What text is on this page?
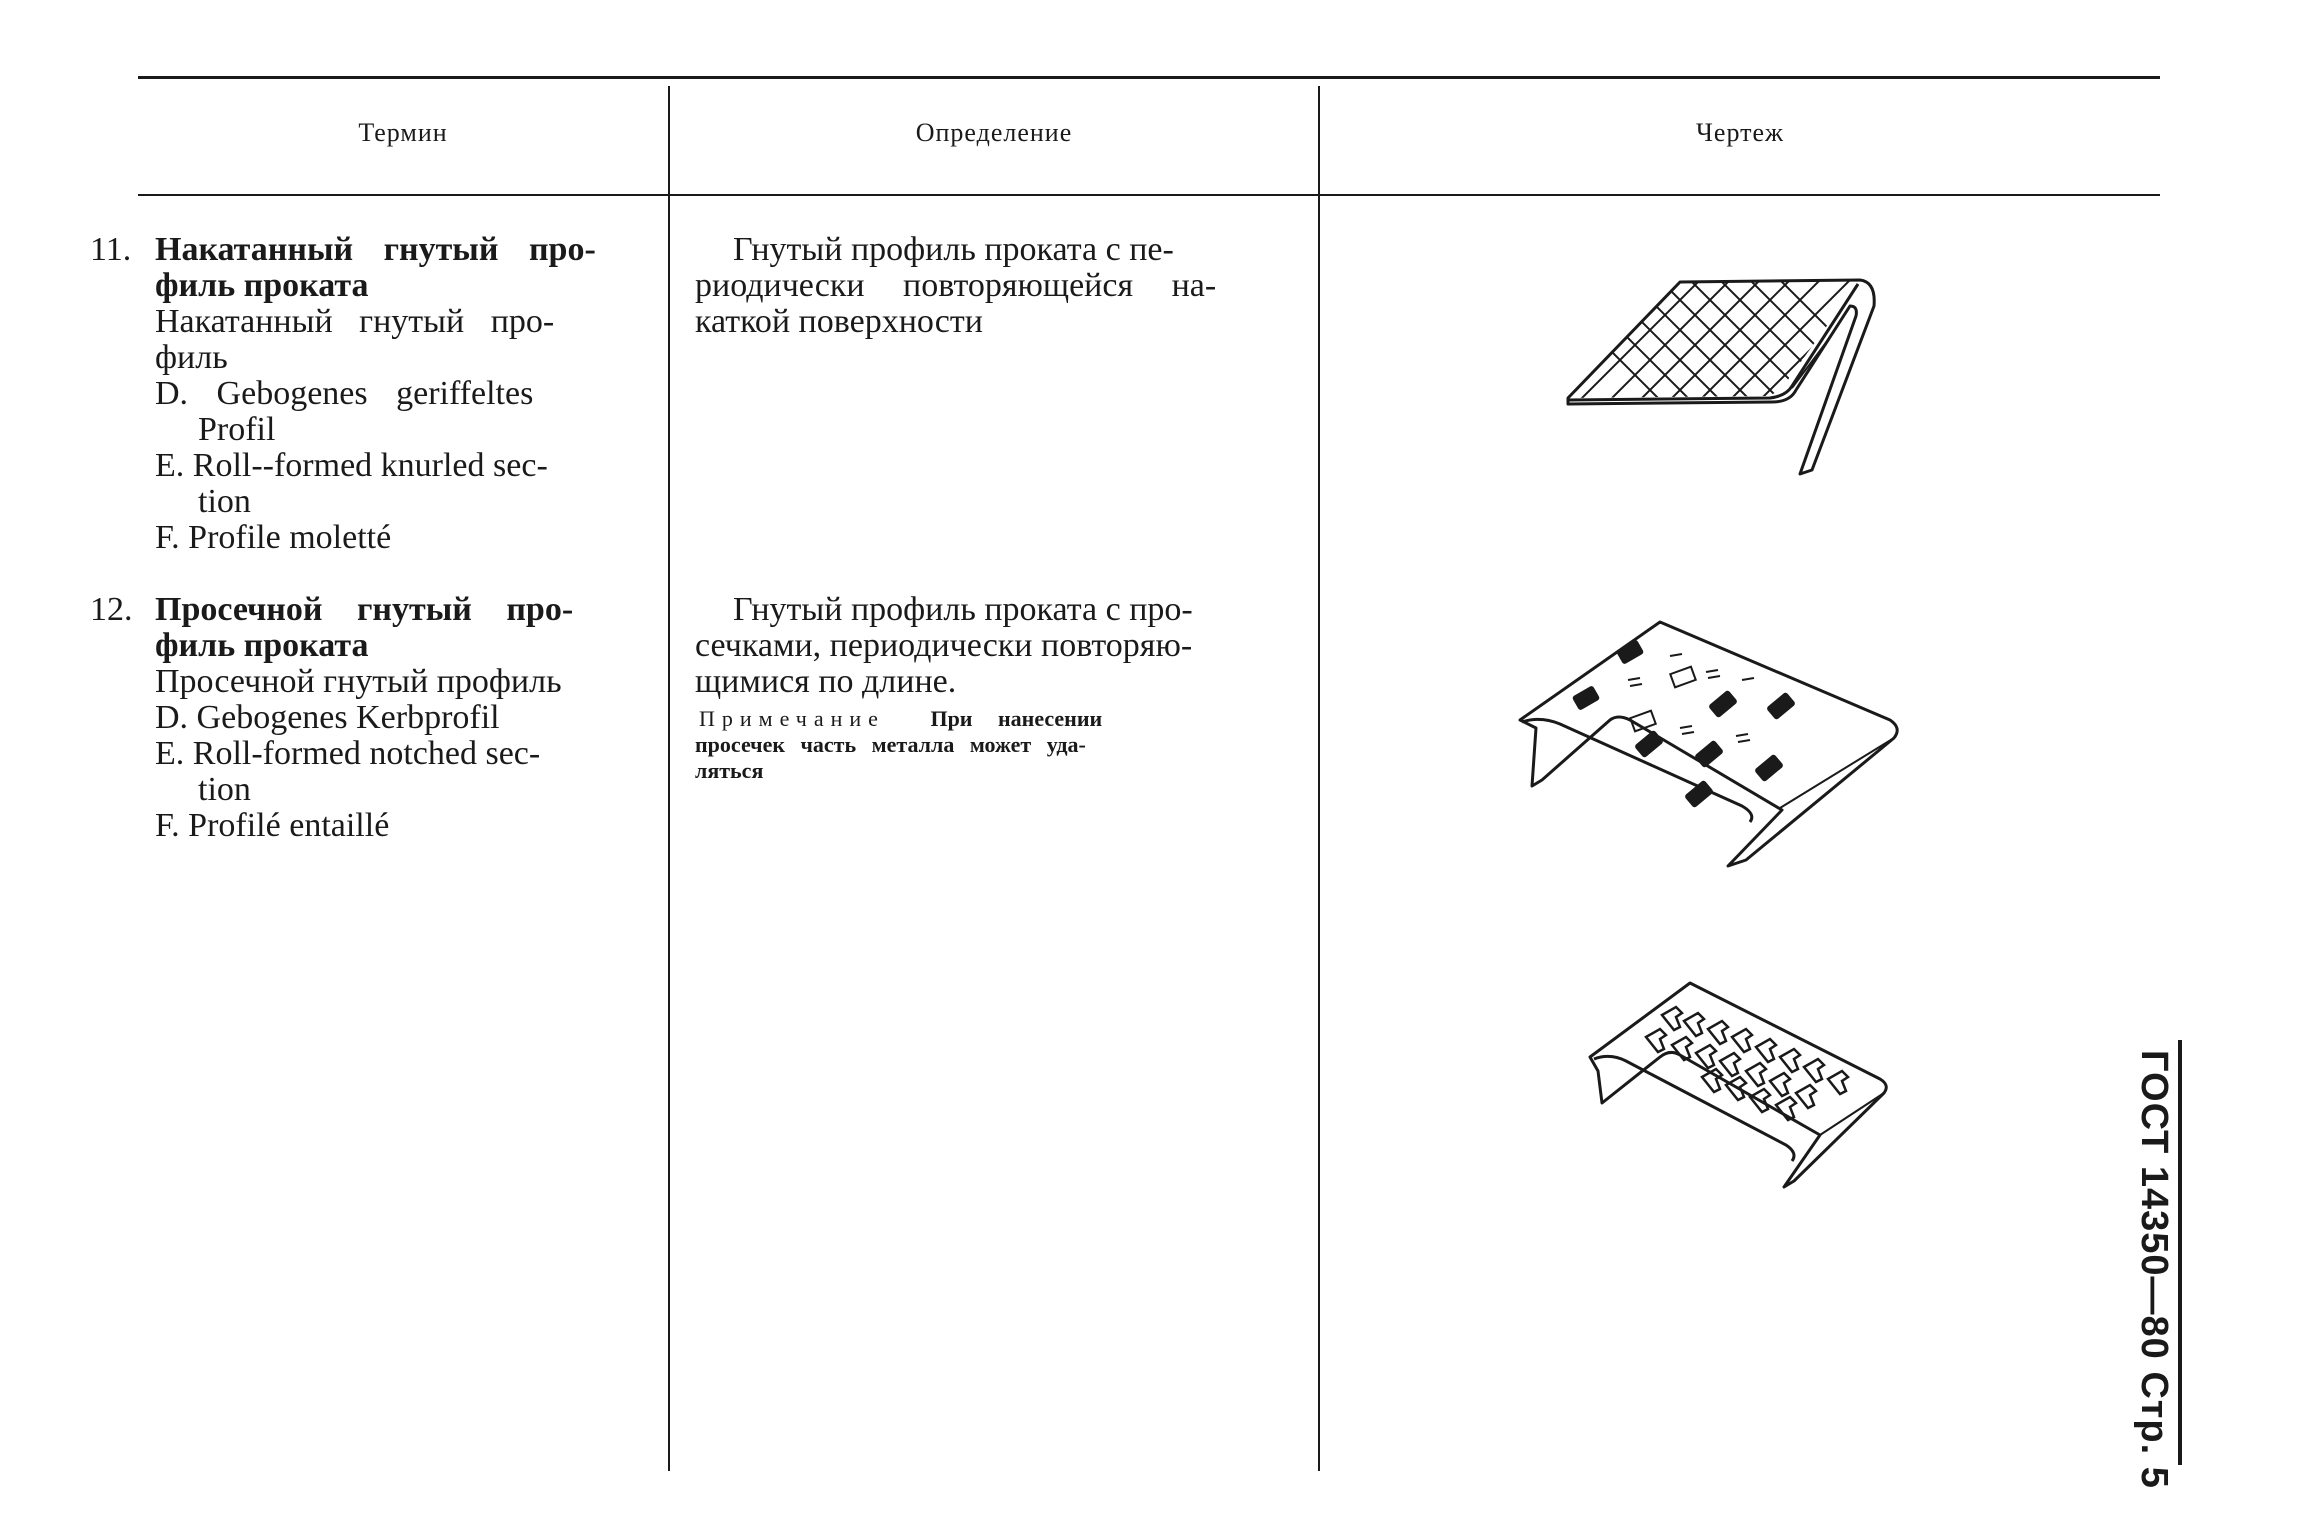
Термин	Определение	Чертеж
11. Накатанный гнутый про-
филь проката
Накатанный гнутый про-
филь
D. Gebogenes gerіffeltes
Profil
E. Roll--formed knurled sec-
tion
F. Profile moletté
12. Просечной гнутый про-
филь проката
Просечной гнутый профиль
D. Gebogenes Kerbprofil
E. Roll-formed notched sec-
tion
F. Profilé entaillé

Гнутый профиль проката с пе-

риодически повторяющейся на-

каткой поверхности

Гнутый профиль проката с про-

сечками, периодически повторяю-

щимися по длине.

Примечание При нанесении
просечек часть металла может уда-
ляться
ГОСТ 14350—80 Стр. 5
